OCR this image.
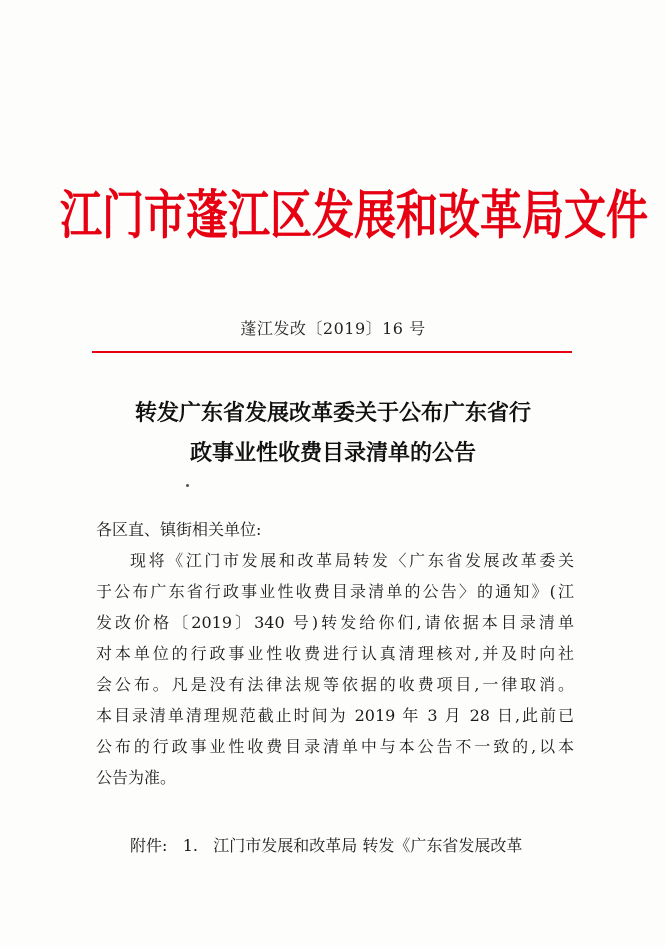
江门市蓬江区发展和改革局文件
蓬江发改〔2019〕16 号
转发广东省发展改革委关于公布广东省行
政事业性收费目录清单的公告
各区直、镇街相关单位:
现将《江门市发展和改革局转发〈广东省发展改革委关
于公布广东省行政事业性收费目录清单的公告〉的通知》(江
发改价格〔2019〕340 号)转发给你们,请依据本目录清单
对本单位的行政事业性收费进行认真清理核对,并及时向社
会公布。凡是没有法律法规等依据的收费项目,一律取消。
本目录清单清理规范截止时间为 2019 年 3 月 28 日,此前已
公布的行政事业性收费目录清单中与本公告不一致的,以本
公告为准。
附件: 1. 江门市发展和改革局 转发《广东省发展改革
